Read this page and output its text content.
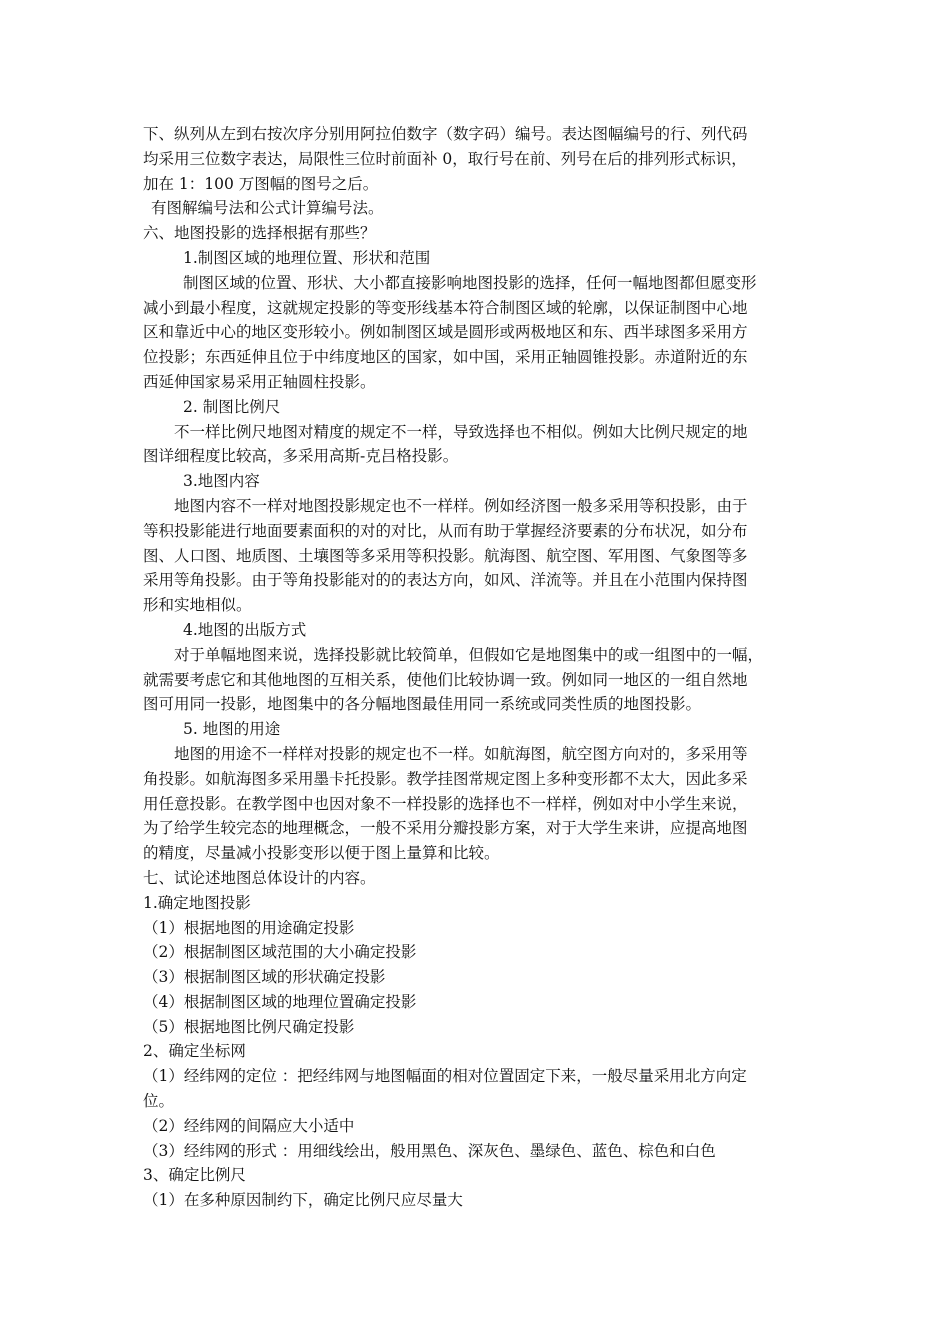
下、纵列从左到右按次序分别用阿拉伯数字（数字码）编号。表达图幅编号的行、列代码
均采用三位数字表达，局限性三位时前面补 0，取行号在前、列号在后的排列形式标识，
加在 1：100 万图幅的图号之后。
有图解编号法和公式计算编号法。
六、地图投影的选择根据有那些？
1.制图区域的地理位置、形状和范围
制图区域的位置、形状、大小都直接影响地图投影的选择，任何一幅地图都但愿变形
减小到最小程度，这就规定投影的等变形线基本符合制图区域的轮廓，以保证制图中心地
区和靠近中心的地区变形较小。例如制图区域是圆形或两极地区和东、西半球图多采用方
位投影；东西延伸且位于中纬度地区的国家，如中国，采用正轴圆锥投影。赤道附近的东
西延伸国家易采用正轴圆柱投影。
2. 制图比例尺
不一样比例尺地图对精度的规定不一样，导致选择也不相似。例如大比例尺规定的地
图详细程度比较高，多采用高斯-克吕格投影。
3.地图内容
地图内容不一样对地图投影规定也不一样样。例如经济图一般多采用等积投影，由于
等积投影能进行地面要素面积的对的对比，从而有助于掌握经济要素的分布状况，如分布
图、人口图、地质图、土壤图等多采用等积投影。航海图、航空图、军用图、气象图等多
采用等角投影。由于等角投影能对的的表达方向，如风、洋流等。并且在小范围内保持图
形和实地相似。
4.地图的出版方式
对于单幅地图来说，选择投影就比较简单，但假如它是地图集中的或一组图中的一幅，
就需要考虑它和其他地图的互相关系，使他们比较协调一致。例如同一地区的一组自然地
图可用同一投影，地图集中的各分幅地图最佳用同一系统或同类性质的地图投影。
5. 地图的用途
地图的用途不一样样对投影的规定也不一样。如航海图，航空图方向对的，多采用等
角投影。如航海图多采用墨卡托投影。教学挂图常规定图上多种变形都不太大，因此多采
用任意投影。在教学图中也因对象不一样投影的选择也不一样样，例如对中小学生来说，
为了给学生较完态的地理概念，一般不采用分瓣投影方案，对于大学生来讲，应提高地图
的精度，尽量减小投影变形以便于图上量算和比较。
七、试论述地图总体设计的内容。
1.确定地图投影
（1）根据地图的用途确定投影
（2）根据制图区域范围的大小确定投影
（3）根据制图区域的形状确定投影
（4）根据制图区域的地理位置确定投影
（5）根据地图比例尺确定投影
2、确定坐标网
（1）经纬网的定位 ：把经纬网与地图幅面的相对位置固定下来，一般尽量采用北方向定
位。
（2）经纬网的间隔应大小适中
（3）经纬网的形式 ：用细线绘出，般用黑色、深灰色、墨绿色、蓝色、棕色和白色
3、确定比例尺
（1）在多种原因制约下，确定比例尺应尽量大
